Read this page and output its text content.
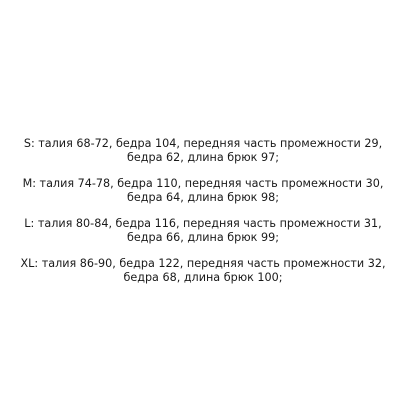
S: талия 68-72, бедра 104, передняя часть промежности 29, бедра 62, длина брюк 97;

M: талия 74-78, бедра 110, передняя часть промежности 30, бедра 64, длина брюк 98;

L: талия 80-84, бедра 116, передняя часть промежности 31, бедра 66, длина брюк 99;

XL: талия 86-90, бедра 122, передняя часть промежности 32, бедра 68, длина брюк 100;
